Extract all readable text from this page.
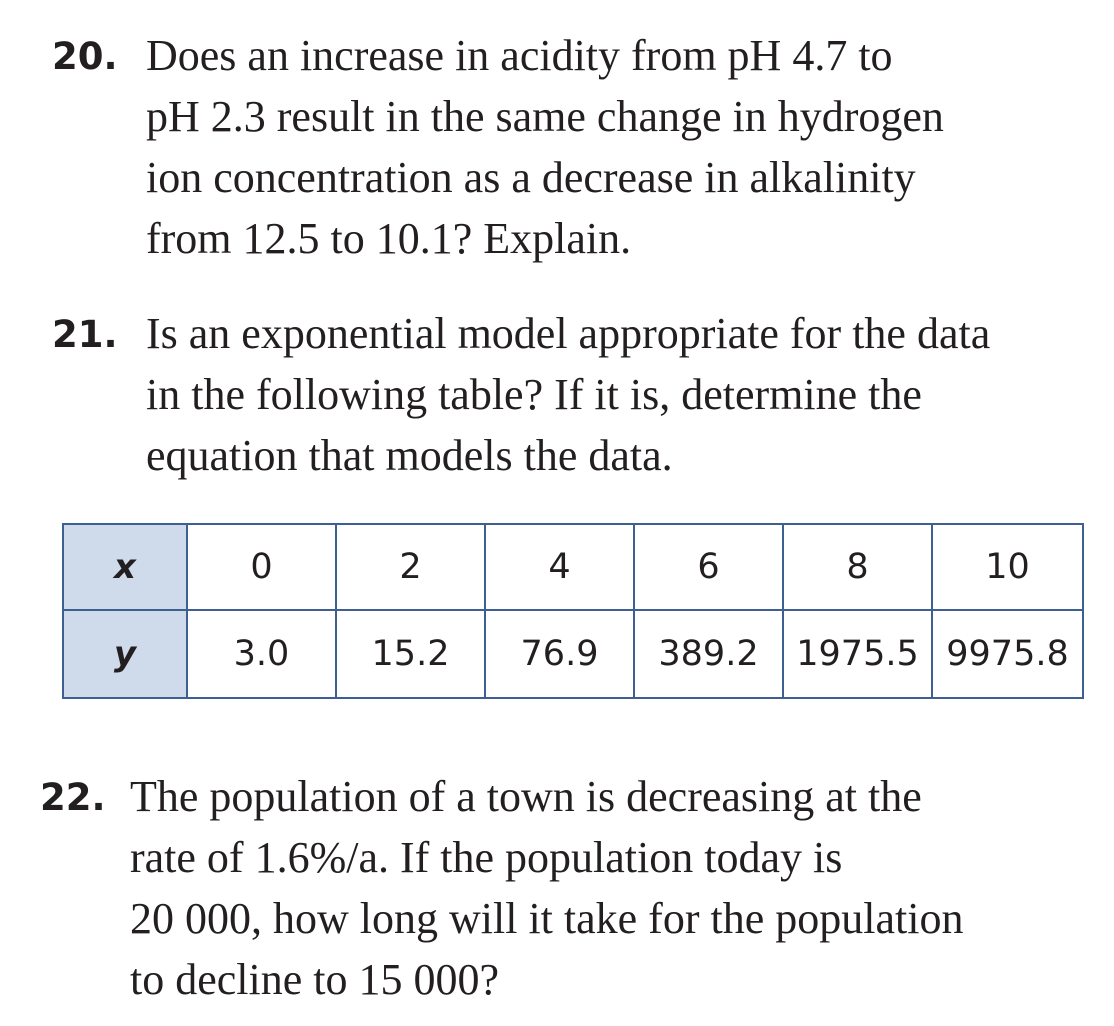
20. Does an increase in acidity from pH 4.7 to
pH 2.3 result in the same change in hydrogen
ion concentration as a decrease in alkalinity
from 12.5 to 10.1? Explain.
21. Is an exponential model appropriate for the data
in the following table? If it is, determine the
equation that models the data.
x	0	2	4	6	8	10
y	3.0	15.2	76.9	389.2	1975.5	9975.8
22. The population of a town is decreasing at the
rate of 1.6%/a. If the population today is
20 000, how long will it take for the population
to decline to 15 000?
